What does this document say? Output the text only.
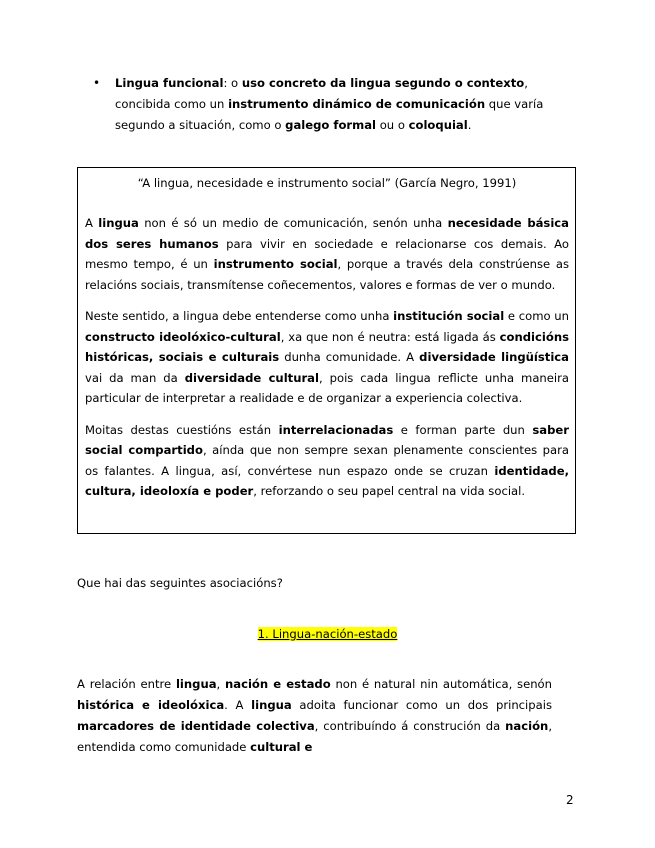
• Lingua funcional: o uso concreto da lingua segundo o contexto, concibida como un instrumento dinámico de comunicación que varía segundo a situación, como o galego formal ou o coloquial.

“A lingua, necesidade e instrumento social” (García Negro, 1991)

A lingua non é só un medio de comunicación, senón unha necesidade básica dos seres humanos para vivir en sociedade e relacionarse cos demais. Ao mesmo tempo, é un instrumento social, porque a través dela constrúense as relacións sociais, transmítense coñecementos, valores e formas de ver o mundo.

Neste sentido, a lingua debe entenderse como unha institución social e como un constructo ideolóxico-cultural, xa que non é neutra: está ligada ás condicións históricas, sociais e culturais dunha comunidade. A diversidade lingüística vai da man da diversidade cultural, pois cada lingua reflicte unha maneira particular de interpretar a realidade e de organizar a experiencia colectiva.

Moitas destas cuestións están interrelacionadas e forman parte dun saber social compartido, aínda que non sempre sexan plenamente conscientes para os falantes. A lingua, así, convértese nun espazo onde se cruzan identidade, cultura, ideoloxía e poder, reforzando o seu papel central na vida social.

Que hai das seguintes asociacións?
1. Lingua-nación-estado
A relación entre lingua, nación e estado non é natural nin automática, senón histórica e ideolóxica. A lingua adoita funcionar como un dos principais marcadores de identidade colectiva, contribuíndo á construción da nación, entendida como comunidade cultural e
2
